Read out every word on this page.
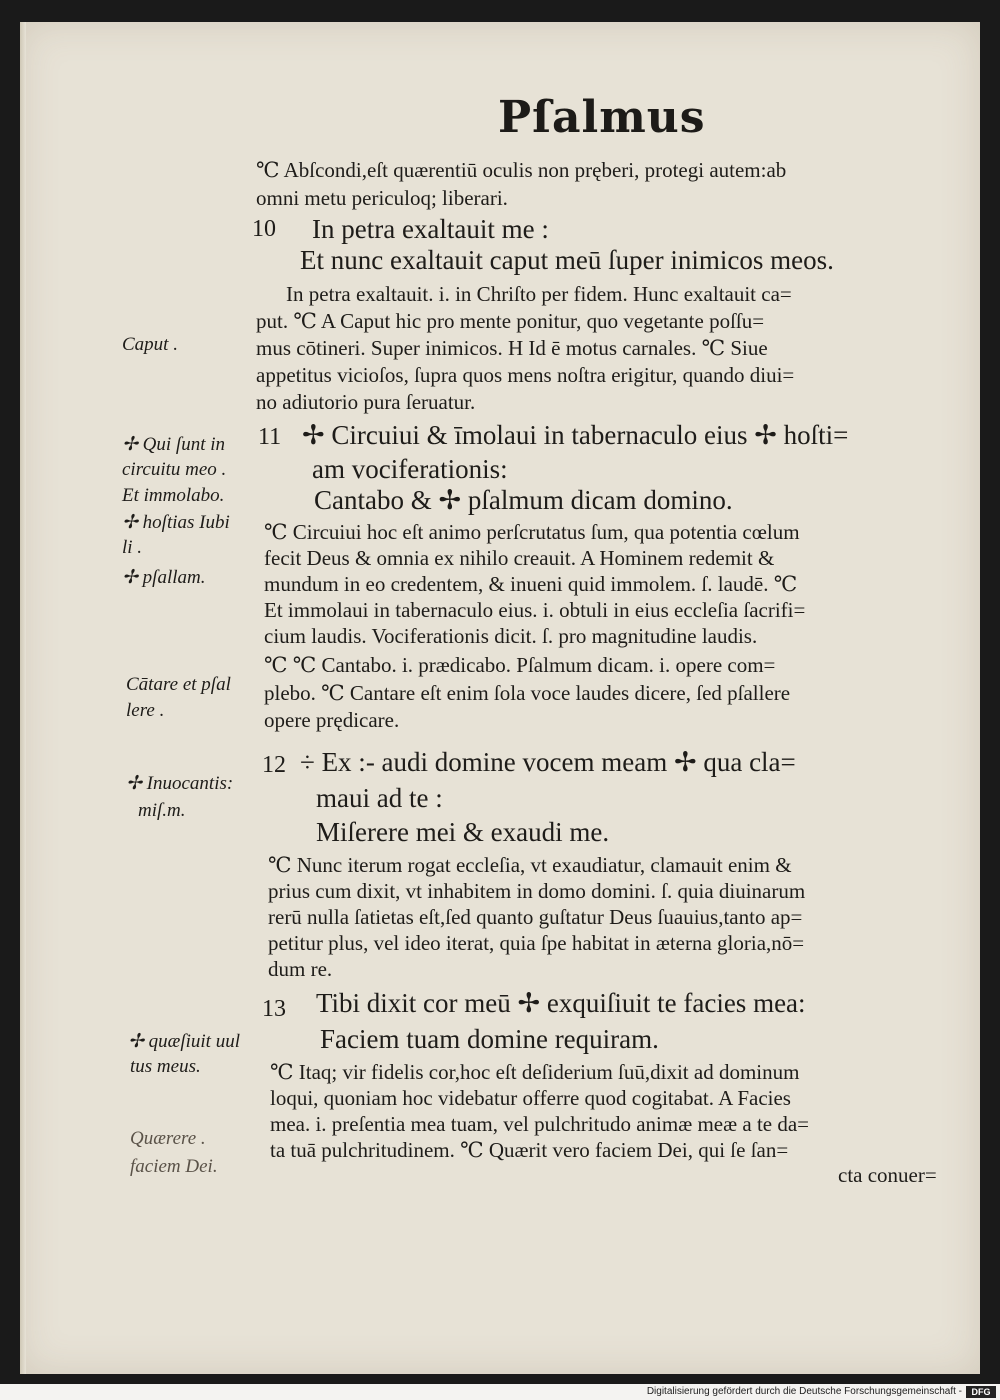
Pſalmus
10
11
12
13
℃ Abſcondi,eſt quærentiū oculis non pręberi, protegi autem:ab
omni metu periculoq; liberari.
In petra exaltauit me :
Et nunc exaltauit caput meū ſuper inimicos meos.
In petra exaltauit. i. in Chriſto per fidem. Hunc exaltauit ca=
put. ℃ A Caput hic pro mente ponitur, quo vegetante poſſu=
mus cōtineri. Super inimicos. H Id ē motus carnales. ℃ Siue
appetitus vicioſos, ſupra quos mens noſtra erigitur, quando diui=
no adiutorio pura ſeruatur.
✢ Circuiui & īmolaui in tabernaculo eius ✢ hoſti=
am vociferationis:
Cantabo & ✢ pſalmum dicam domino.
℃ Circuiui hoc eſt animo perſcrutatus ſum, qua potentia cœlum
fecit Deus & omnia ex nihilo creauit. A Hominem redemit &
mundum in eo credentem, & inueni quid immolem. ſ. laudē. ℃
Et immolaui in tabernaculo eius. i. obtuli in eius eccleſia ſacrifi=
cium laudis. Vociferationis dicit. ſ. pro magnitudine laudis.
℃ ℃ Cantabo. i. prædicabo. Pſalmum dicam. i. opere com=
plebo. ℃ Cantare eſt enim ſola voce laudes dicere, ſed pſallere
opere prędicare.
÷ Ex :- audi domine vocem meam ✢ qua cla=
maui ad te :
Miſerere mei & exaudi me.
℃ Nunc iterum rogat eccleſia, vt exaudiatur, clamauit enim &
prius cum dixit, vt inhabitem in domo domini. ſ. quia diuinarum
rerū nulla ſatietas eſt,ſed quanto guſtatur Deus ſuauius,tanto ap=
petitur plus, vel ideo iterat, quia ſpe habitat in æterna gloria,nō=
dum re.
Tibi dixit cor meū ✢ exquiſiuit te facies mea:
Faciem tuam domine requiram.
℃ Itaq; vir fidelis cor,hoc eſt deſiderium ſuū,dixit ad dominum
loqui, quoniam hoc videbatur offerre quod cogitabat. A Facies
mea. i. preſentia mea tuam, vel pulchritudo animæ meæ a te da=
ta tuā pulchritudinem. ℃ Quærit vero faciem Dei, qui ſe ſan=
cta conuer=
Caput .
✢ Qui ſunt in
circuitu meo .
Et immolabo.
✢ hoſtias Iubi
li .
✢ pſallam.
Cātare et pſal
lere .
✢ Inuocantis:
miſ.m.
✢ quæſiuit uul
tus meus.
Quærere .
faciem Dei.
Digitalisierung gefördert durch die Deutsche Forschungsgemeinschaft -	DFG
